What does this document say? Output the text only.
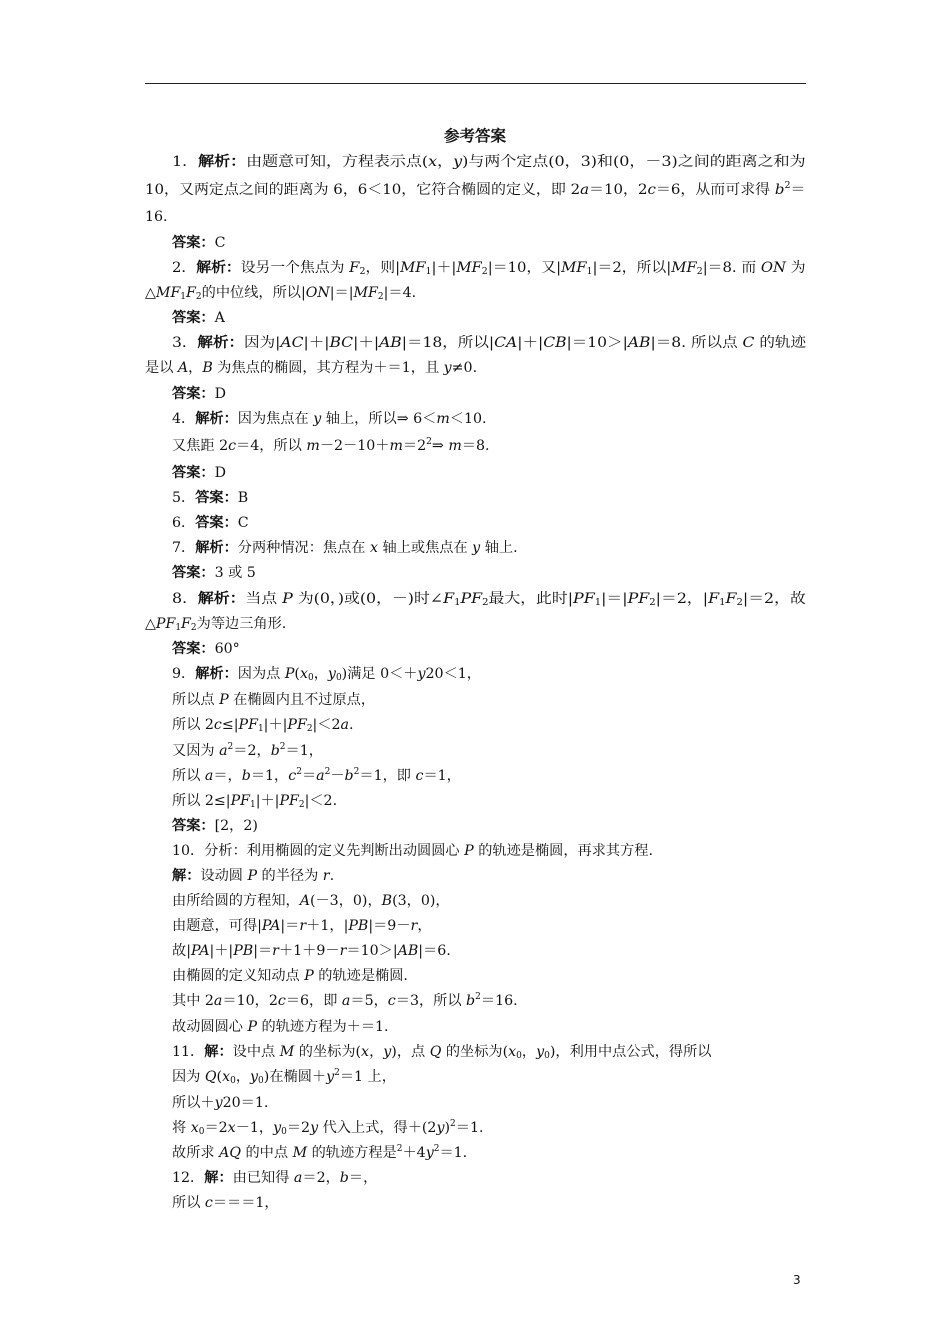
参考答案
1．解析：由题意可知，方程表示点(x，y)与两个定点(0，3)和(0，－3)之间的距离之和为
10，又两定点之间的距离为 6，6＜10，它符合椭圆的定义，即 2a＝10，2c＝6，从而可求得 $b^2=$
16.
答案：C
2．解析：设另一个焦点为 $F_2$，则$|MF_1|+|MF_2|=10$，又$|MF_1|=2$，所以$|MF_2|=8$. 而 ON 为
$\triangle MF_1F_2$的中位线，所以$|ON|=|MF_2|=4$.
答案：A
3．解析：因为|AC|＋|BC|＋|AB|＝18，所以|CA|＋|CB|＝10＞|AB|＝8. 所以点 C 的轨迹
是以 A，B 为焦点的椭圆，其方程为＋＝1，且 y≠0.
答案：D
4．解析：因为焦点在 y 轴上，所以⇒ 6＜m＜10.
又焦距 2c＝4，所以 $m-2-10+m=2^2\Rightarrow$ m＝8.
答案：D
5．答案：B
6．答案：C
7．解析：分两种情况：焦点在 x 轴上或焦点在 y 轴上.
答案：3 或 5
8．解析：当点 P 为(0，)或(0，－)时$\angle F_1PF_2$最大，此时$|PF_1|=|PF_2|=2$，$|F_1F_2|=2$，故
$\triangle PF_1F_2$为等边三角形.
答案：60°
9．解析：因为点 $P(x_0$，$y_0$)满足 0＜＋y20＜1，
所以点 P 在椭圆内且不过原点，
所以 $2c\le|PF_1|+|PF_2|<2a$.
又因为 $a^2=2$，$b^2=1$，
所以 a＝，b＝1，$c^2=a^2-b^2=1$，即 c＝1，
所以 $2\le|PF_1|+|PF_2|<2$.
答案：[2，2)
10．分析：利用椭圆的定义先判断出动圆圆心 P 的轨迹是椭圆，再求其方程.
解：设动圆 P 的半径为 r.
由所给圆的方程知，A(－3，0)，B(3，0)，
由题意，可得|PA|＝r＋1，|PB|＝9－r，
故|PA|＋|PB|＝r＋1＋9－r＝10＞|AB|＝6.
由椭圆的定义知动点 P 的轨迹是椭圆.
其中 2a＝10，2c＝6，即 a＝5，c＝3，所以 $b^2=16$.
故动圆圆心 P 的轨迹方程为＋＝1.
11．解：设中点 M 的坐标为(x，y)，点 Q 的坐标为($x_0$，$y_0$)，利用中点公式，得所以
因为 $Q(x_0$，$y_0$)在椭圆$+y^2=1$ 上，
所以＋y20＝1.
将 $x_0=2x-1$，$y_0=2y$ 代入上式，得$+(2y)^2=1$.
故所求 AQ 的中点 M 的轨迹方程是$^2+4y^2=1$.
12．解：由已知得 a＝2，b＝，
所以 c＝＝＝1，
3
